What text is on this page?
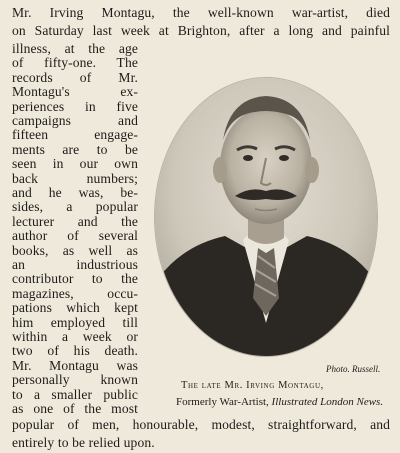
Mr. Irving Montagu, the well-known war-artist, died
on Saturday last week at Brighton, after a long and painful
illness, at the age
of fifty-one. The
records of Mr.
Montagu's ex-
periences in five
campaigns and
fifteen engage-
ments are to be
seen in our own
back numbers;
and he was, be-
sides, a popular
lecturer and the
author of several
books, as well as
an industrious
contributor to the
magazines, occu-
pations which kept
him employed till
within a week or
two of his death.
Mr. Montagu was
personally known
to a smaller public
as one of the most
Photo. Russell.
The late Mr. Irving Montagu,
Formerly War-Artist, Illustrated London News.
popular of men, honourable, modest, straightforward, and
entirely to be relied upon.
